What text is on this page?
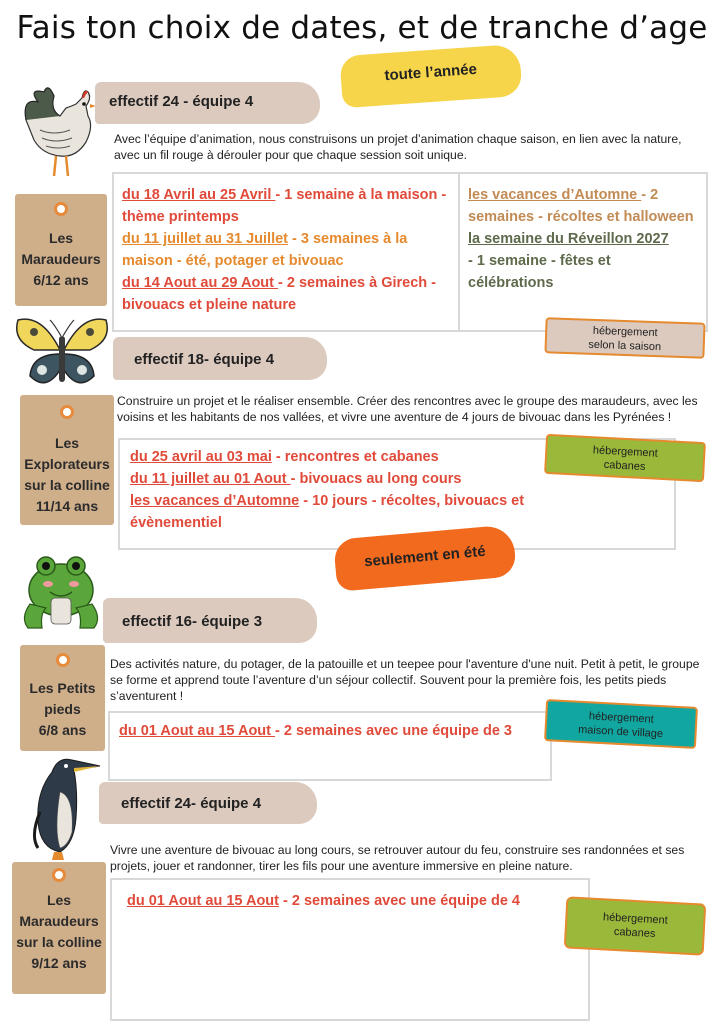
Fais ton choix de dates, et de tranche d’age
toute l’année
effectif 24 - équipe 4
Avec l’équipe d’animation, nous construisons un projet d’animation chaque saison, en lien avec la nature, avec un fil rouge à dérouler pour que chaque session soit unique.
Les
Maraudeurs
6/12 ans
du 18 Avril au 25 Avril - 1 semaine à la maison - thème printemps
du 11 juillet au 31 Juillet - 3 semaines à la maison - été, potager et bivouac
du 14 Aout au 29 Aout - 2 semaines à Girech - bivouacs et pleine nature
les vacances d’Automne - 2 semaines - récoltes et halloween
la semaine du Réveillon 2027
- 1 semaine - fêtes et célébrations
hébergement
selon la saison
effectif 18- équipe 4
Construire un projet et le réaliser ensemble. Créer des rencontres avec le groupe des maraudeurs, avec les voisins et les habitants de nos vallées, et vivre une aventure de 4 jours de bivouac dans les Pyrénées !
Les
Explorateurs
sur la colline
11/14 ans
du 25 avril au 03 mai - rencontres et cabanes
du 11 juillet au 01 Aout - bivouacs au long cours
les vacances d’Automne - 10 jours - récoltes, bivouacs et évènementiel
hébergement
cabanes
seulement en été
effectif 16- équipe 3
Des activités nature, du potager, de la patouille et un teepee pour l'aventure d'une nuit. Petit à petit, le groupe se forme et apprend toute l’aventure d’un séjour collectif. Souvent pour la première fois, les petits pieds s’aventurent !
Les Petits
pieds
6/8 ans	du 01 Aout au 15 Aout - 2 semaines avec une équipe de 3
hébergement
maison de village
effectif 24- équipe 4
Vivre une aventure de bivouac au long cours, se retrouver autour du feu, construire ses randonnées et ses projets, jouer et randonner, tirer les fils pour une aventure immersive en pleine nature.
Les
Maraudeurs
sur la colline
9/12 ans
du 01 Aout au 15 Aout - 2 semaines avec une équipe de 4
hébergement
cabanes
